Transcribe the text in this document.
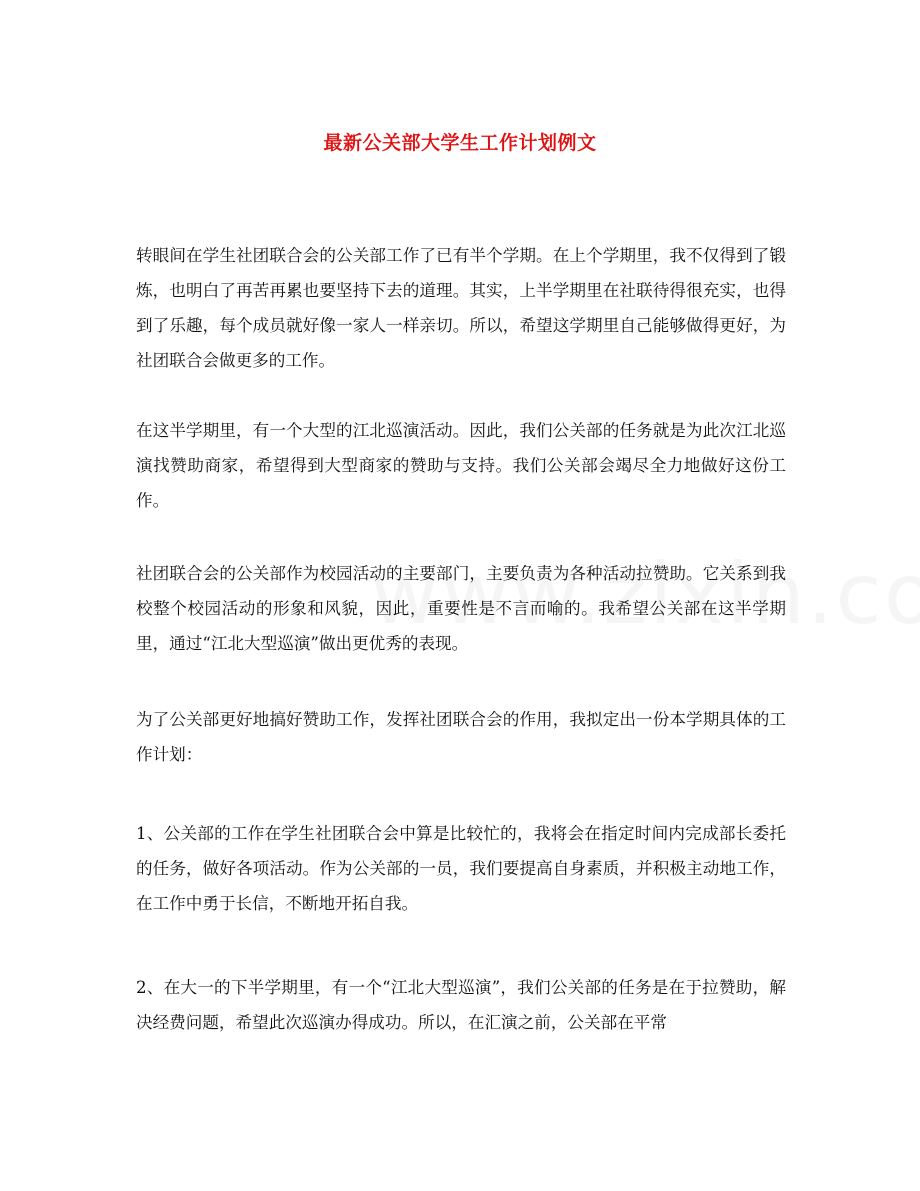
最新公关部大学生工作计划例文

转眼间在学生社团联合会的公关部工作了已有半个学期。在上个学期里，我不仅得到了锻炼，也明白了再苦再累也要坚持下去的道理。其实，上半学期里在社联待得很充实，也得到了乐趣，每个成员就好像一家人一样亲切。所以，希望这学期里自己能够做得更好，为社团联合会做更多的工作。

在这半学期里，有一个大型的江北巡演活动。因此，我们公关部的任务就是为此次江北巡演找赞助商家，希望得到大型商家的赞助与支持。我们公关部会竭尽全力地做好这份工作。

社团联合会的公关部作为校园活动的主要部门，主要负责为各种活动拉赞助。它关系到我校整个校园活动的形象和风貌，因此，重要性是不言而喻的。我希望公关部在这半学期里，通过“江北大型巡演”做出更优秀的表现。

为了公关部更好地搞好赞助工作，发挥社团联合会的作用，我拟定出一份本学期具体的工作计划：

1、公关部的工作在学生社团联合会中算是比较忙的，我将会在指定时间内完成部长委托的任务，做好各项活动。作为公关部的一员，我们要提高自身素质，并积极主动地工作，在工作中勇于长信，不断地开拓自我。

2、在大一的下半学期里，有一个“江北大型巡演”，我们公关部的任务是在于拉赞助，解决经费问题，希望此次巡演办得成功。所以，在汇演之前，公关部在平常
